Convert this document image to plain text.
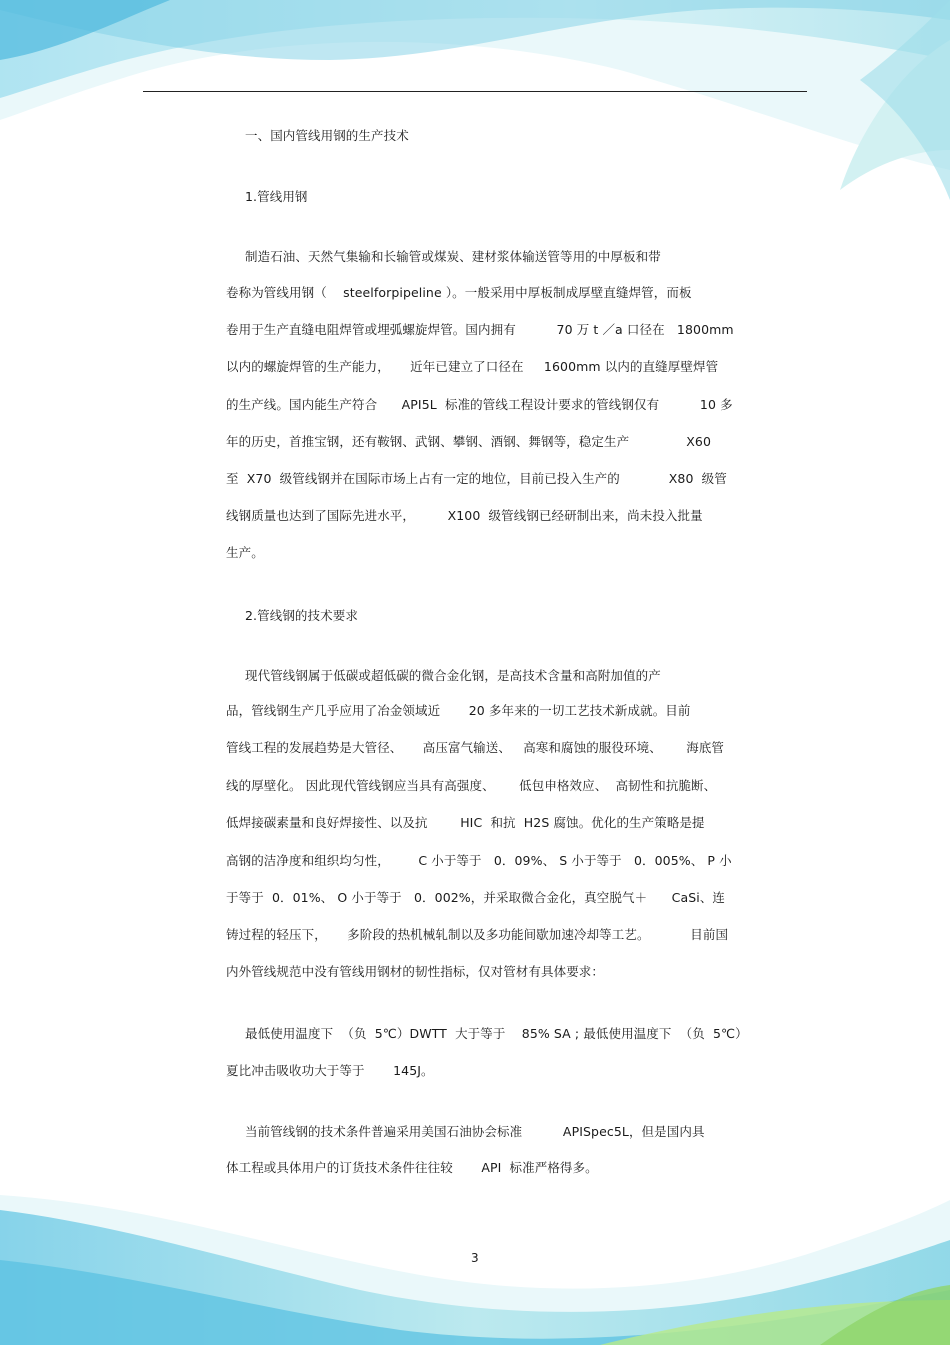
一、国内管线用钢的生产技术
1.管线用钢
制造石油、天然气集输和长输管或煤炭、建材浆体输送管等用的中厚板和带
卷称为管线用钢（    steelforpipeline ）。一般采用中厚板制成厚壁直缝焊管，而板
卷用于生产直缝电阻焊管或埋弧螺旋焊管。国内拥有          70 万 t ／a 口径在   1800mm
以内的螺旋焊管的生产能力，     近年已建立了口径在     1600mm 以内的直缝厚壁焊管
的生产线。国内能生产符合      API5L  标准的管线工程设计要求的管线钢仅有          10 多
年的历史，首推宝钢，还有鞍钢、武钢、攀钢、酒钢、舞钢等，稳定生产              X60
至  X70  级管线钢并在国际市场上占有一定的地位，目前已投入生产的            X80  级管
线钢质量也达到了国际先进水平，        X100  级管线钢已经研制出来，尚未投入批量
生产。
2.管线钢的技术要求
现代管线钢属于低碳或超低碳的微合金化钢，是高技术含量和高附加值的产
品，管线钢生产几乎应用了冶金领域近       20 多年来的一切工艺技术新成就。目前
管线工程的发展趋势是大管径、     高压富气输送、   高寒和腐蚀的服役环境、      海底管
线的厚壁化。 因此现代管线钢应当具有高强度、      低包申格效应、  高韧性和抗脆断、
低焊接碳素量和良好焊接性、以及抗        HIC  和抗  H2S 腐蚀。优化的生产策略是提
高钢的洁净度和组织均匀性，       C 小于等于   0．09%、 S 小于等于   0．005%、 P 小
于等于  0．01%、 O 小于等于   0．002%，并采取微合金化，真空脱气＋      CaSi、连
铸过程的轻压下，     多阶段的热机械轧制以及多功能间歇加速冷却等工艺。          目前国
内外管线规范中没有管线用钢材的韧性指标，仅对管材有具体要求：
最低使用温度下  （负  5℃）DWTT  大于等于    85% SA ; 最低使用温度下  （负  5℃）
夏比冲击吸收功大于等于       145J。
当前管线钢的技术条件普遍采用美国石油协会标准          APISpec5L，但是国内具
体工程或具体用户的订货技术条件往往较       API  标准严格得多。
3
